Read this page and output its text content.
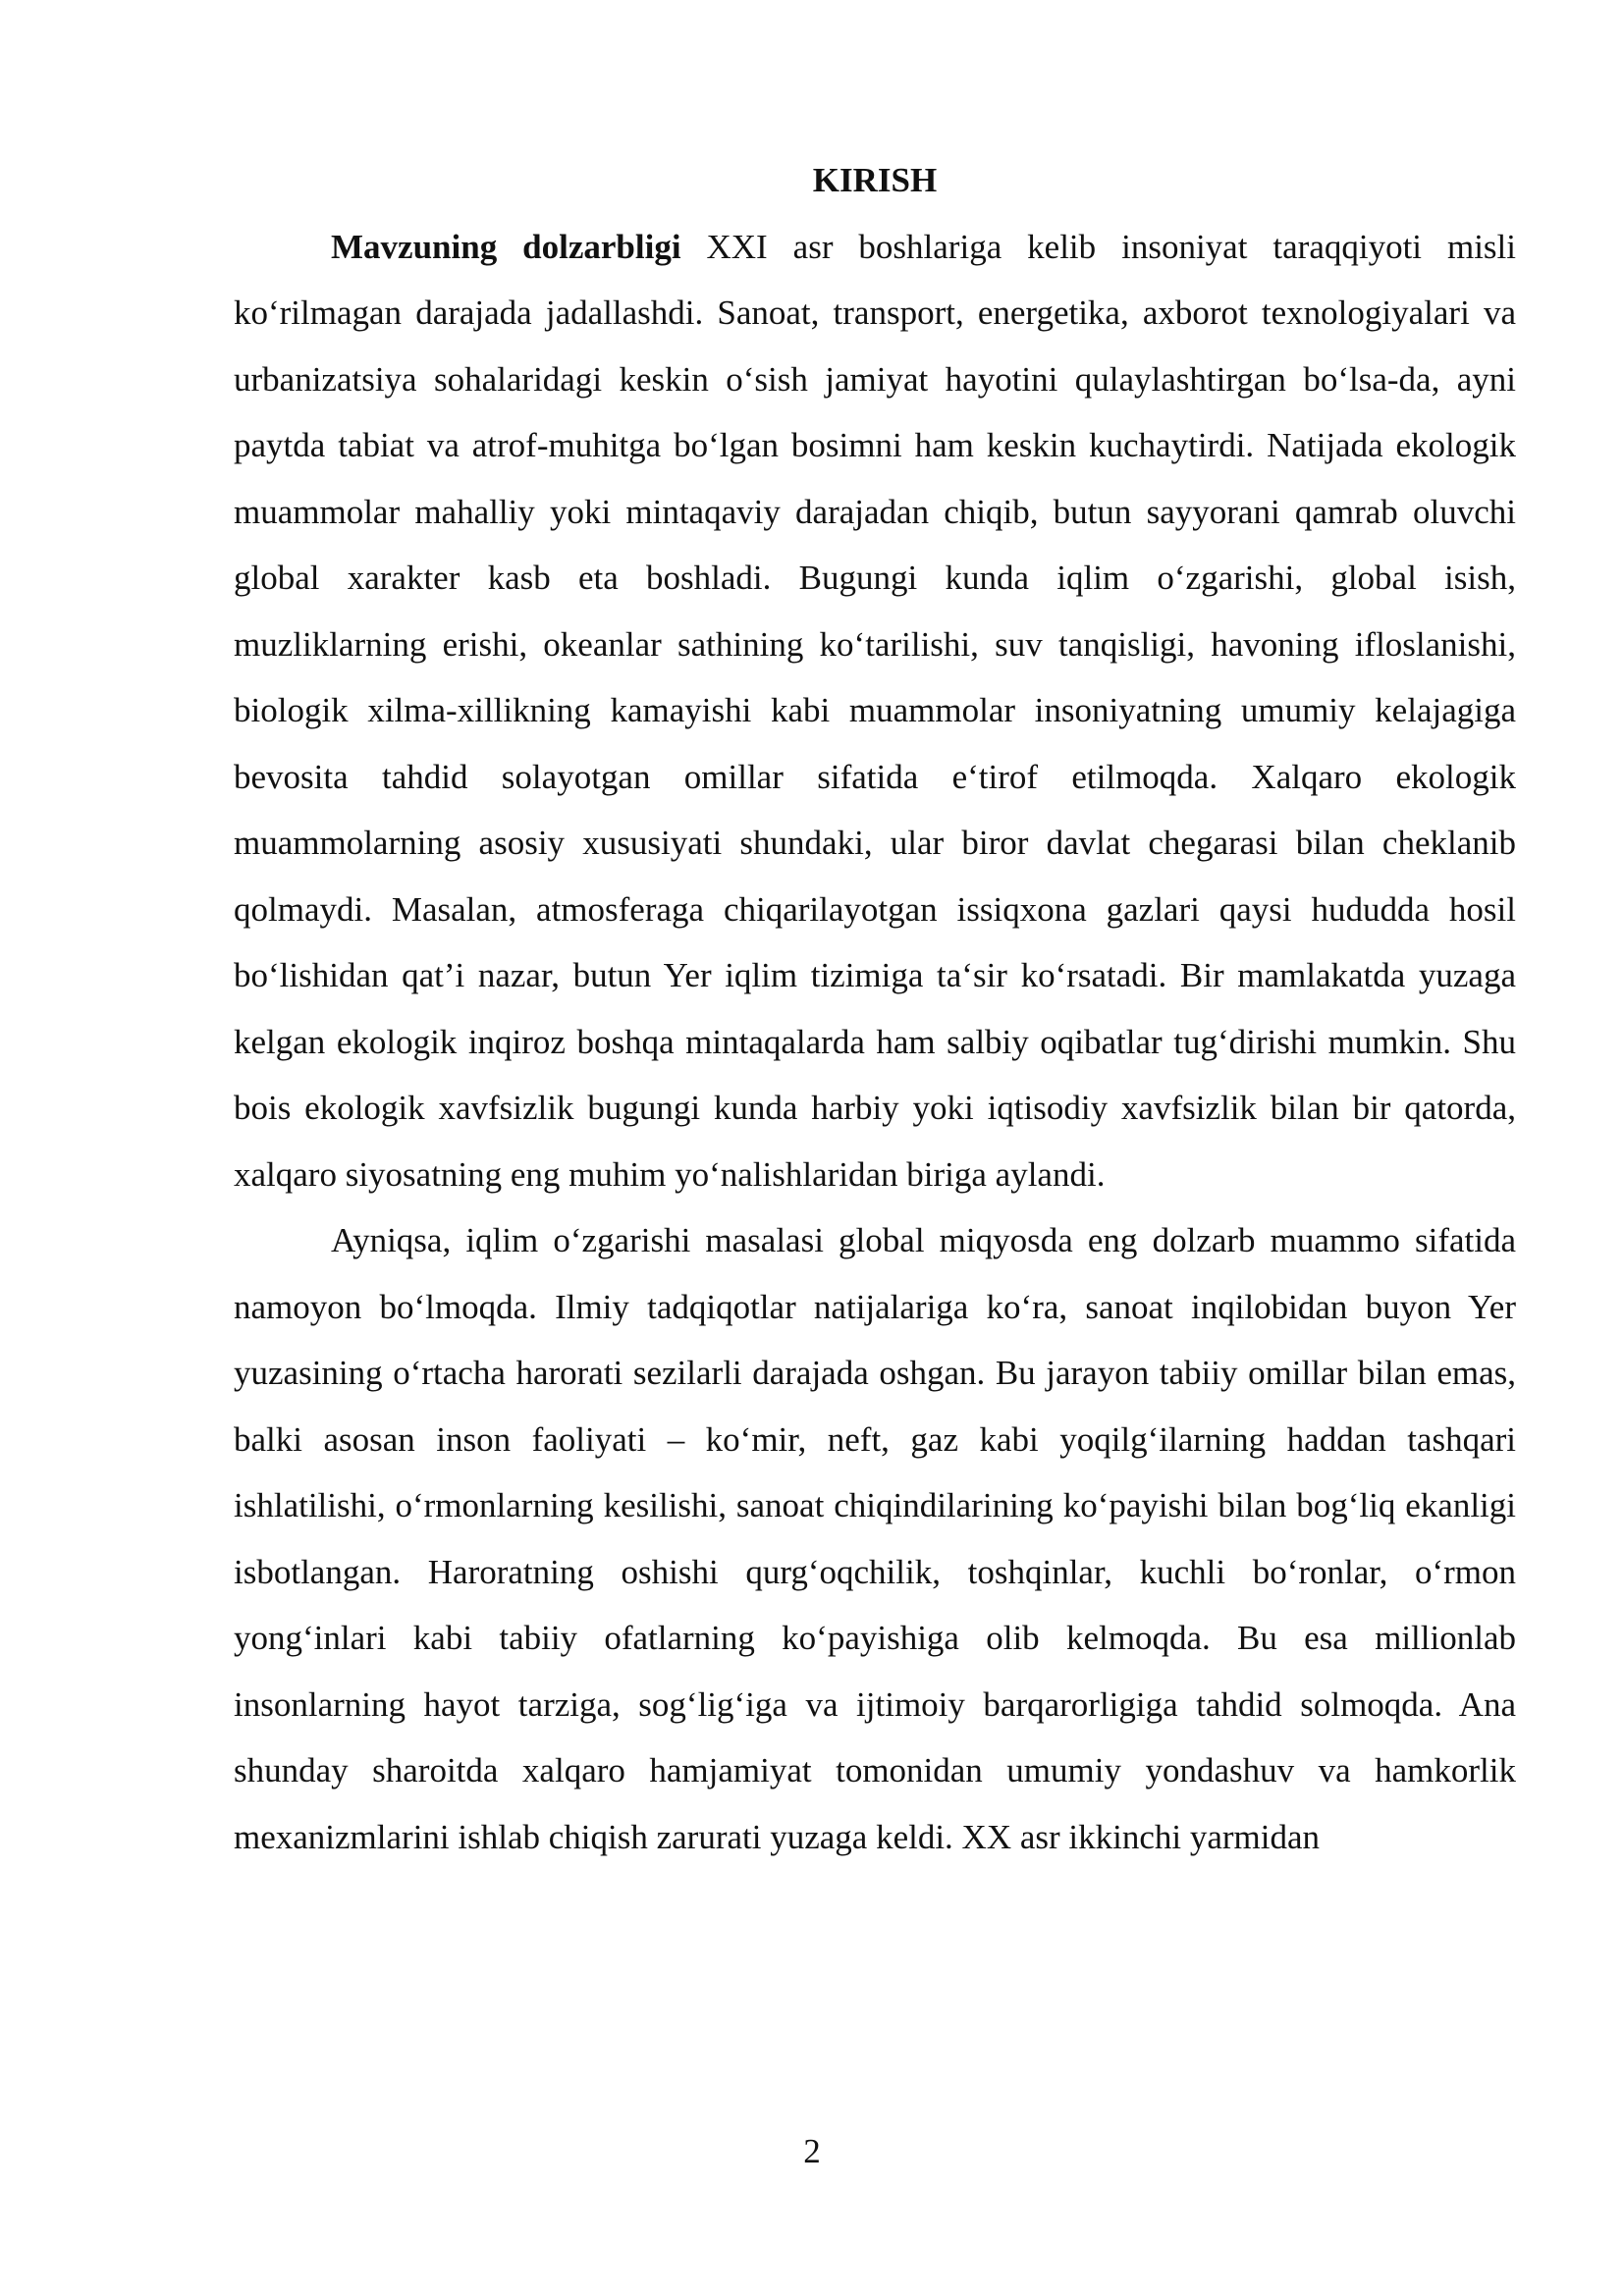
KIRISH

Mavzuning dolzarbligi XXI asr boshlariga kelib insoniyat taraqqiyoti misli ko‘rilmagan darajada jadallashdi. Sanoat, transport, energetika, axborot texnologiyalari va urbanizatsiya sohalaridagi keskin o‘sish jamiyat hayotini qulaylashtirgan bo‘lsa-da, ayni paytda tabiat va atrof-muhitga bo‘lgan bosimni ham keskin kuchaytirdi. Natijada ekologik muammolar mahalliy yoki mintaqaviy darajadan chiqib, butun sayyorani qamrab oluvchi global xarakter kasb eta boshladi. Bugungi kunda iqlim o‘zgarishi, global isish, muzliklarning erishi, okeanlar sathining ko‘tarilishi, suv tanqisligi, havoning ifloslanishi, biologik xilma-xillikning kamayishi kabi muammolar insoniyatning umumiy kelajagiga bevosita tahdid solayotgan omillar sifatida e‘tirof etilmoqda. Xalqaro ekologik muammolarning asosiy xususiyati shundaki, ular biror davlat chegarasi bilan cheklanib qolmaydi. Masalan, atmosferaga chiqarilayotgan issiqxona gazlari qaysi hududda hosil bo‘lishidan qat’i nazar, butun Yer iqlim tizimiga ta‘sir ko‘rsatadi. Bir mamlakatda yuzaga kelgan ekologik inqiroz boshqa mintaqalarda ham salbiy oqibatlar tug‘dirishi mumkin. Shu bois ekologik xavfsizlik bugungi kunda harbiy yoki iqtisodiy xavfsizlik bilan bir qatorda, xalqaro siyosatning eng muhim yo‘nalishlaridan biriga aylandi.

Ayniqsa, iqlim o‘zgarishi masalasi global miqyosda eng dolzarb muammo sifatida namoyon bo‘lmoqda. Ilmiy tadqiqotlar natijalariga ko‘ra, sanoat inqilobidan buyon Yer yuzasining o‘rtacha harorati sezilarli darajada oshgan. Bu jarayon tabiiy omillar bilan emas, balki asosan inson faoliyati – ko‘mir, neft, gaz kabi yoqilg‘ilarning haddan tashqari ishlatilishi, o‘rmonlarning kesilishi, sanoat chiqindilarining ko‘payishi bilan bog‘liq ekanligi isbotlangan. Haroratning oshishi qurg‘oqchilik, toshqinlar, kuchli bo‘ronlar, o‘rmon yong‘inlari kabi tabiiy ofatlarning ko‘payishiga olib kelmoqda. Bu esa millionlab insonlarning hayot tarziga, sog‘lig‘iga va ijtimoiy barqarorligiga tahdid solmoqda. Ana shunday sharoitda xalqaro hamjamiyat tomonidan umumiy yondashuv va hamkorlik mexanizmlarini ishlab chiqish zarurati yuzaga keldi. XX asr ikkinchi yarmidan

2
